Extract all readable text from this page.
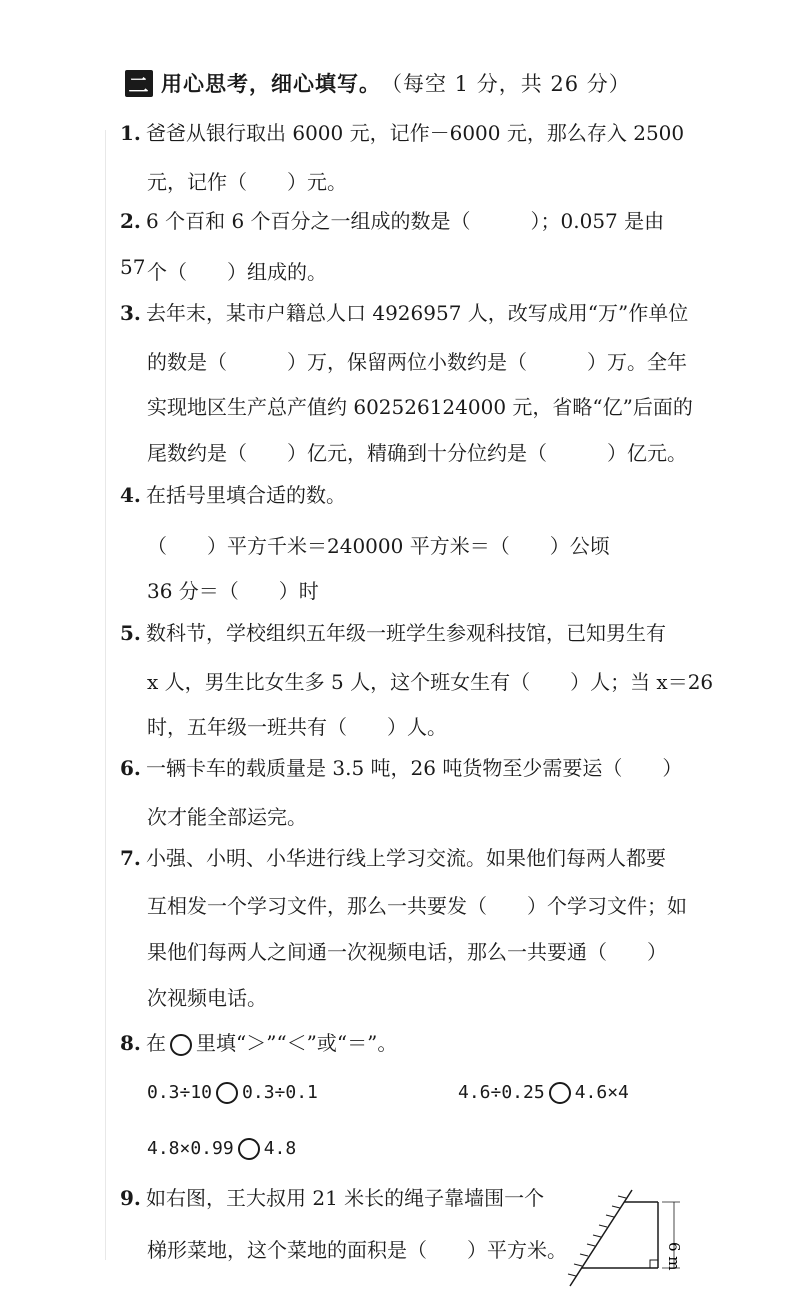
二 用心思考，细心填写。 （每空 1 分，共 26 分）
1. 爸爸从银行取出 6000 元，记作－6000 元，那么存入 2500
元，记作（　　）元。
2. 6 个百和 6 个百分之一组成的数是（　　　）；0.057 是由 57 个（　　）组成的。
3. 去年末，某市户籍总人口 4926957 人，改写成用“万”作单位
的数是（　　　）万，保留两位小数约是（　　　）万。全年
实现地区生产总产值约 602526124000 元，省略“亿”后面的
尾数约是（　　）亿元，精确到十分位约是（　　　）亿元。
4. 在括号里填合适的数。
（　　）平方千米＝240000 平方米＝（　　）公顷
36 分＝（　　）时
5. 数科节，学校组织五年级一班学生参观科技馆，已知男生有
x 人，男生比女生多 5 人，这个班女生有（　　）人；当 x＝26
时，五年级一班共有（　　）人。
6. 一辆卡车的载质量是 3.5 吨，26 吨货物至少需要运（　　）
次才能全部运完。
7. 小强、小明、小华进行线上学习交流。如果他们每两人都要
互相发一个学习文件，那么一共要发（　　）个学习文件；如
果他们每两人之间通一次视频电话，那么一共要通（　　）
次视频电话。
8. 在 里填“＞”“＜”或“＝”。
0.3÷10 0.3÷0.1	4.6÷0.25 4.6×4
4.8×0.99 4.8
9. 如右图，王大叔用 21 米长的绳子靠墙围一个
梯形菜地，这个菜地的面积是（　　）平方米。	6 m
